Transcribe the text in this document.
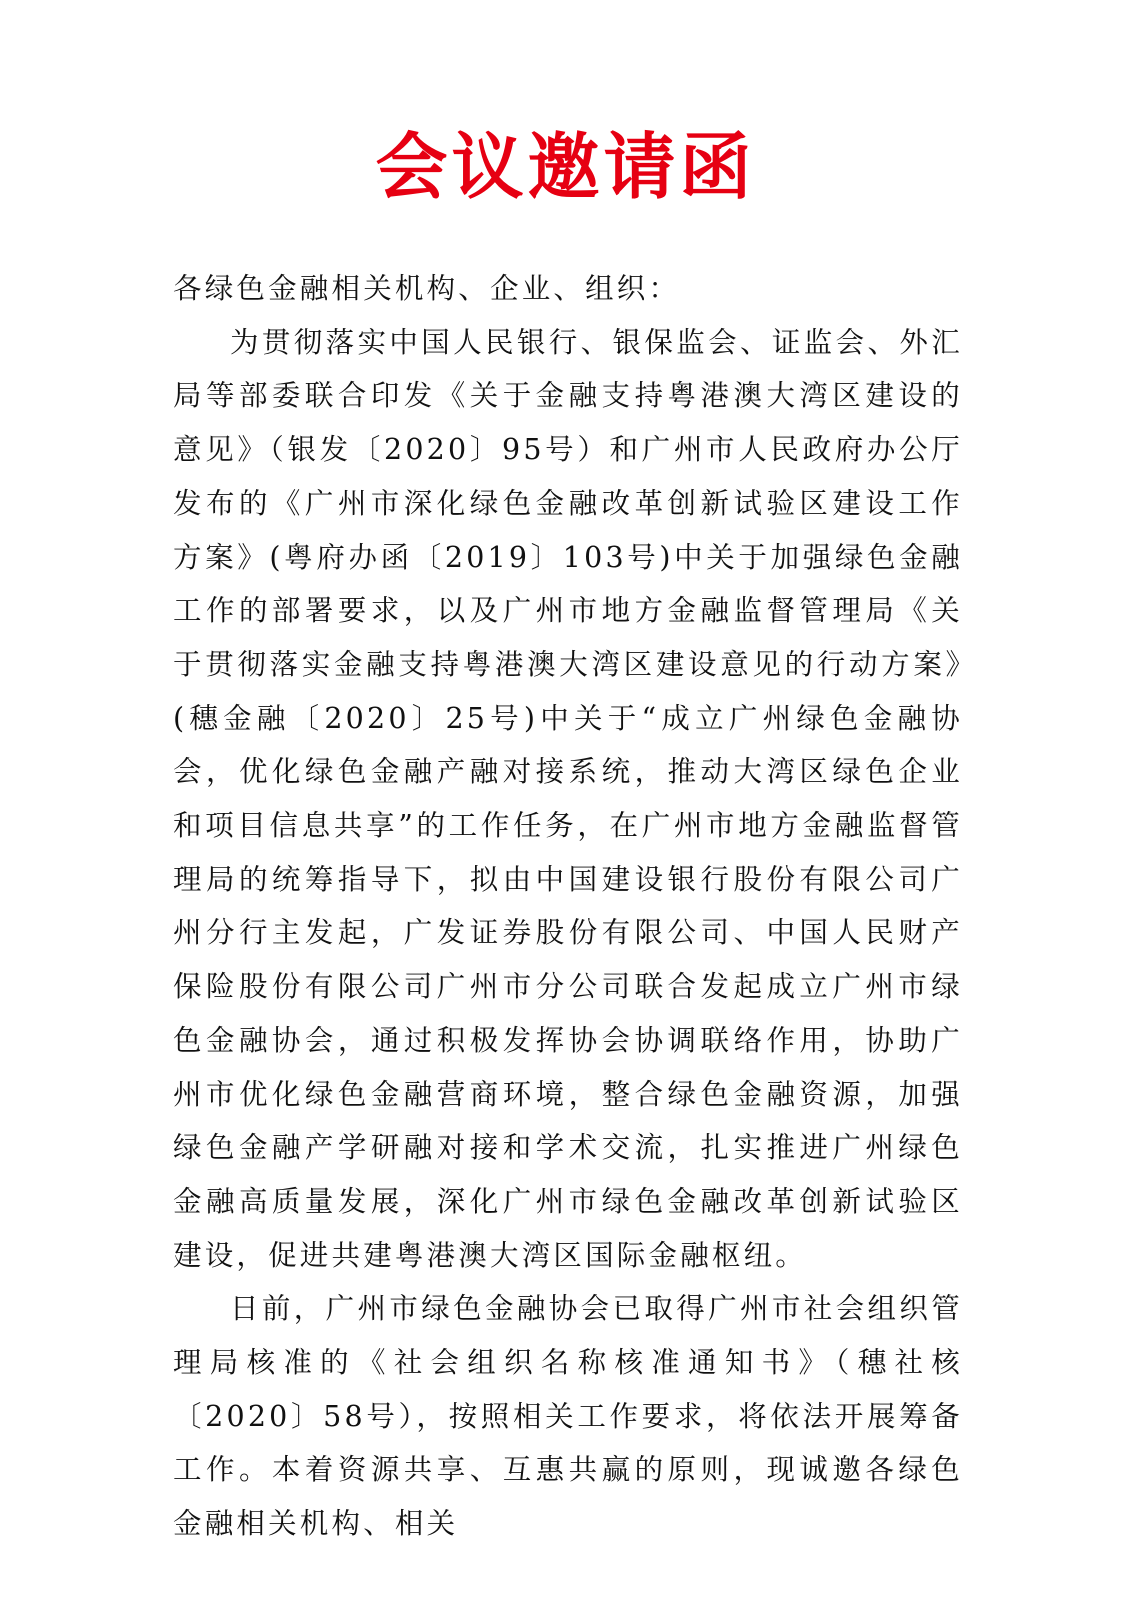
会议邀请函

各绿色金融相关机构、企业、组织：

为贯彻落实中国人民银行、银保监会、证监会、外汇局等部委联合印发《关于金融支持粤港澳大湾区建设的意见》（银发〔2020〕95号）和广州市人民政府办公厅发布的《广州市深化绿色金融改革创新试验区建设工作方案》(粤府办函〔2019〕103号)中关于加强绿色金融工作的部署要求，以及广州市地方金融监督管理局《关于贯彻落实金融支持粤港澳大湾区建设意见的行动方案》(穗金融〔2020〕25号)中关于“成立广州绿色金融协会，优化绿色金融产融对接系统，推动大湾区绿色企业和项目信息共享”的工作任务，在广州市地方金融监督管理局的统筹指导下，拟由中国建设银行股份有限公司广州分行主发起，广发证券股份有限公司、中国人民财产保险股份有限公司广州市分公司联合发起成立广州市绿色金融协会，通过积极发挥协会协调联络作用，协助广州市优化绿色金融营商环境，整合绿色金融资源，加强绿色金融产学研融对接和学术交流，扎实推进广州绿色金融高质量发展，深化广州市绿色金融改革创新试验区建设，促进共建粤港澳大湾区国际金融枢纽。

日前，广州市绿色金融协会已取得广州市社会组织管理局核准的《社会组织名称核准通知书》（穗社核〔2020〕58号），按照相关工作要求，将依法开展筹备工作。本着资源共享、互惠共赢的原则，现诚邀各绿色金融相关机构、相关
